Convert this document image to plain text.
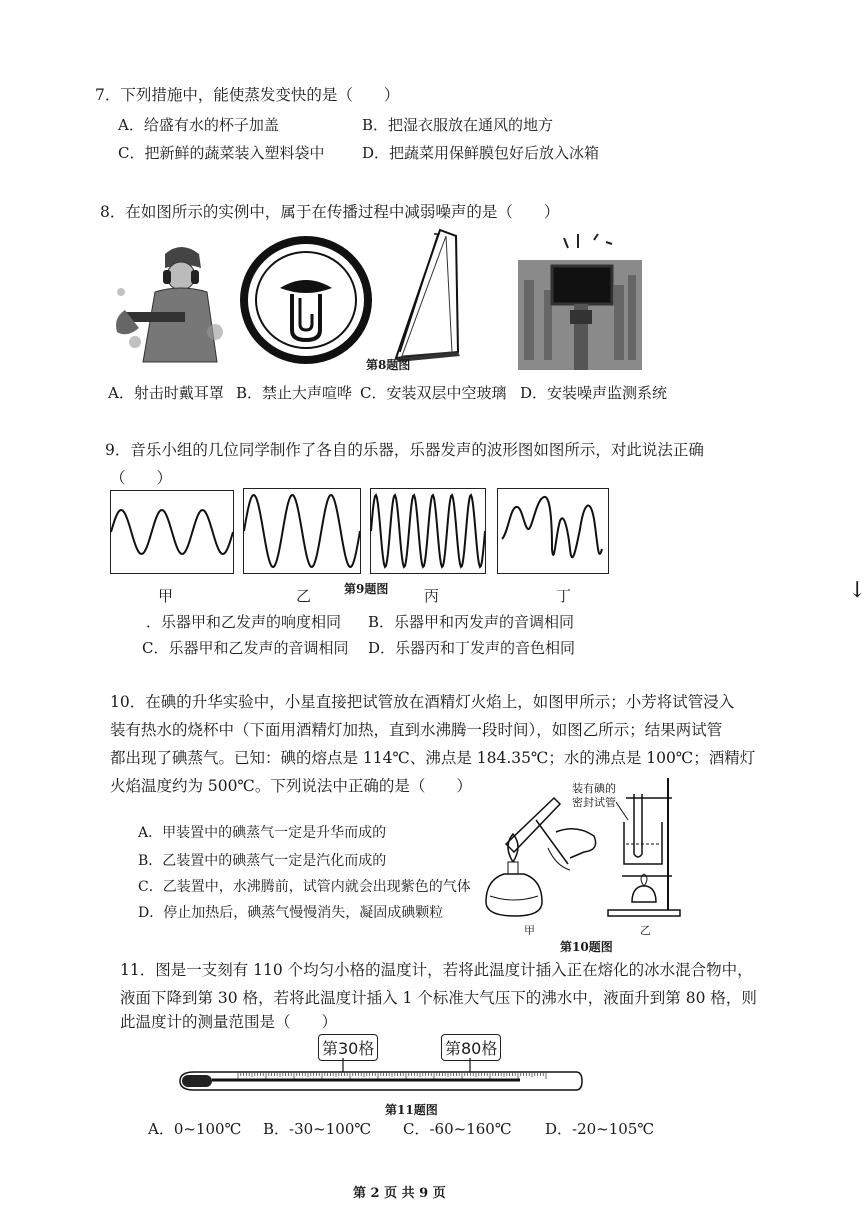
7．下列措施中，能使蒸发变快的是（　　）
A．给盛有水的杯子加盖	B．把湿衣服放在通风的地方
C．把新鲜的蔬菜装入塑料袋中	D．把蔬菜用保鲜膜包好后放入冰箱
8．在如图所示的实例中，属于在传播过程中减弱噪声的是（　　）
第8题图
A．射击时戴耳罩 B．禁止大声喧哗 C．安装双层中空玻璃 D．安装噪声监测系统
9．音乐小组的几位同学制作了各自的乐器，乐器发声的波形图如图所示，对此说法正确
（　　）
甲	乙	第9题图 丙	丁
．乐器甲和乙发声的响度相同 B．乐器甲和丙发声的音调相同
C．乐器甲和乙发声的音调相同 D．乐器丙和丁发声的音色相同
↓
10．在碘的升华实验中，小星直接把试管放在酒精灯火焰上，如图甲所示；小芳将试管浸入
装有热水的烧杯中（下面用酒精灯加热，直到水沸腾一段时间），如图乙所示；结果两试管
都出现了碘蒸气。已知：碘的熔点是 114℃、沸点是 184.35℃；水的沸点是 100℃；酒精灯
火焰温度约为 500℃。下列说法中正确的是（　　）
A．甲装置中的碘蒸气一定是升华而成的
B．乙装置中的碘蒸气一定是汽化而成的
C．乙装置中，水沸腾前，试管内就会出现紫色的气体
D．停止加热后，碘蒸气慢慢消失，凝固成碘颗粒
装有碘的
密封试管
甲	乙
第10题图
11．图是一支刻有 110 个均匀小格的温度计，若将此温度计插入正在熔化的冰水混合物中，
液面下降到第 30 格，若将此温度计插入 1 个标准大气压下的沸水中，液面升到第 80 格，则
此温度计的测量范围是（　　）
第30格	第80格
第11题图
A．0~100℃ B．-30~100℃ C．-60~160℃ D．-20~105℃
第 2 页 共 9 页
